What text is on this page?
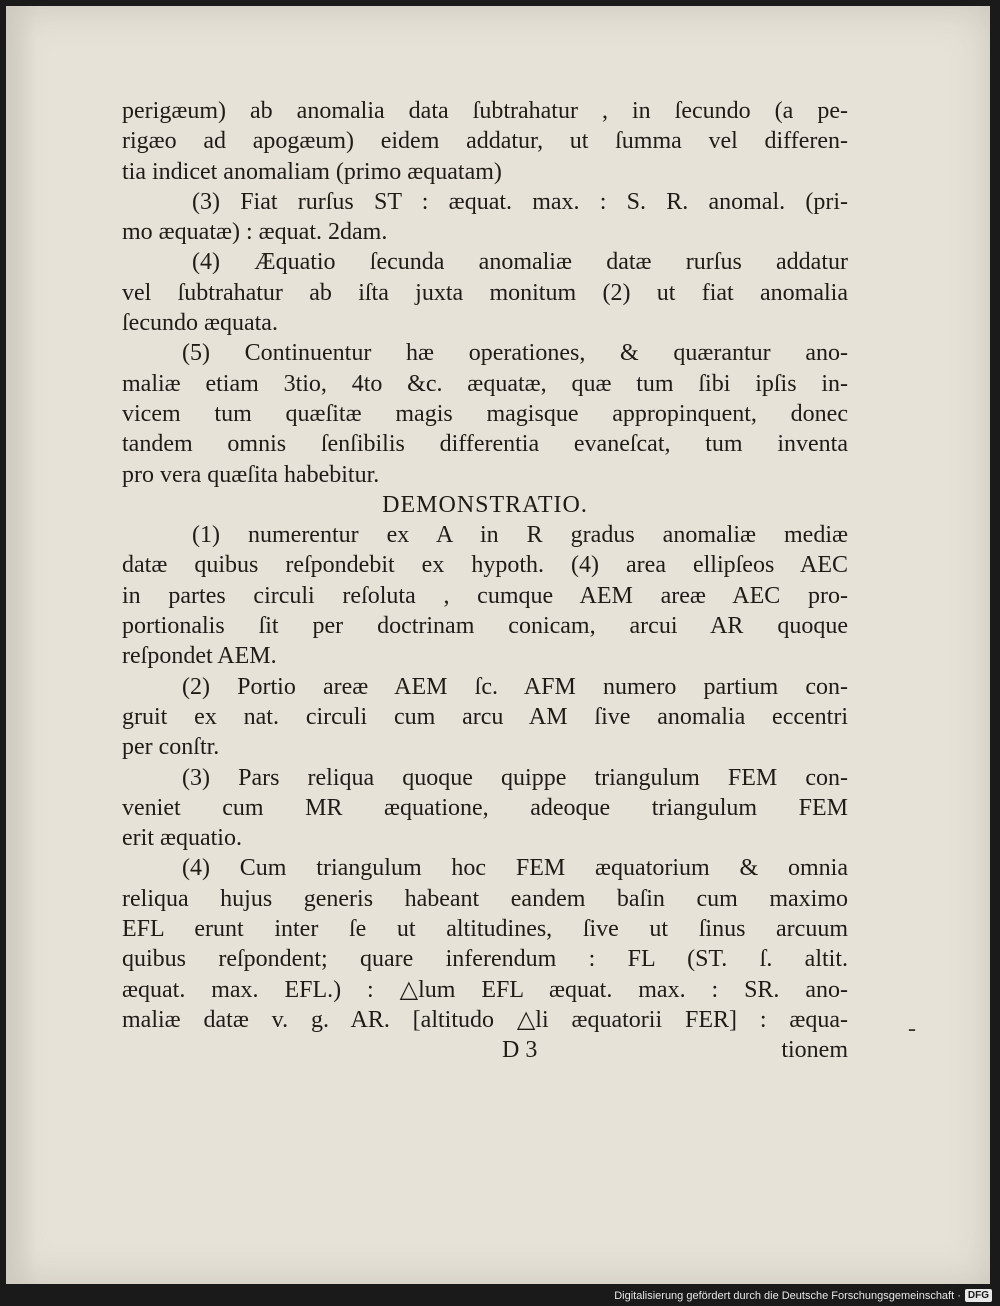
perigæum) ab anomalia data ſubtrahatur , in ſecundo (a pe-
rigæo ad apogæum) eidem addatur, ut ſumma vel differen-
tia indicet anomaliam (primo æquatam)
(3) Fiat rurſus ST : æquat. max. : S. R. anomal. (pri-
mo æquatæ) : æquat. 2dam.
(4) Æquatio ſecunda anomaliæ datæ rurſus addatur
vel ſubtrahatur ab iſta juxta monitum (2) ut fiat anomalia
ſecundo æquata.
(5) Continuentur hæ operationes, & quærantur ano-
maliæ etiam 3tio, 4to &c. æquatæ, quæ tum ſibi ipſis in-
vicem tum quæſitæ magis magisque appropinquent, donec
tandem omnis ſenſibilis differentia evaneſcat, tum inventa
pro vera quæſita habebitur.
DEMONSTRATIO.
(1) numerentur ex A in R gradus anomaliæ mediæ
datæ quibus reſpondebit ex hypoth. (4) area ellipſeos AEC
in partes circuli reſoluta , cumque AEM areæ AEC pro-
portionalis ſit per doctrinam conicam, arcui AR quoque
reſpondet AEM.
(2) Portio areæ AEM ſc. AFM numero partium con-
gruit ex nat. circuli cum arcu AM ſive anomalia eccentri
per conſtr.
(3) Pars reliqua quoque quippe triangulum FEM con-
veniet cum MR æquatione, adeoque triangulum FEM
erit æquatio.
(4) Cum triangulum hoc FEM æquatorium & omnia
reliqua hujus generis habeant eandem baſin cum maximo
EFL erunt inter ſe ut altitudines, ſive ut ſinus arcuum
quibus reſpondent; quare inferendum : FL (ST. ſ. altit.
æquat. max. EFL.) : △lum EFL æquat. max. : SR. ano-
maliæ datæ v. g. AR. [altitudo △li æquatorii FER] : æqua-
D 3	tionem
-
Digitalisierung gefördert durch die Deutsche Forschungsgemeinschaft · DFG
